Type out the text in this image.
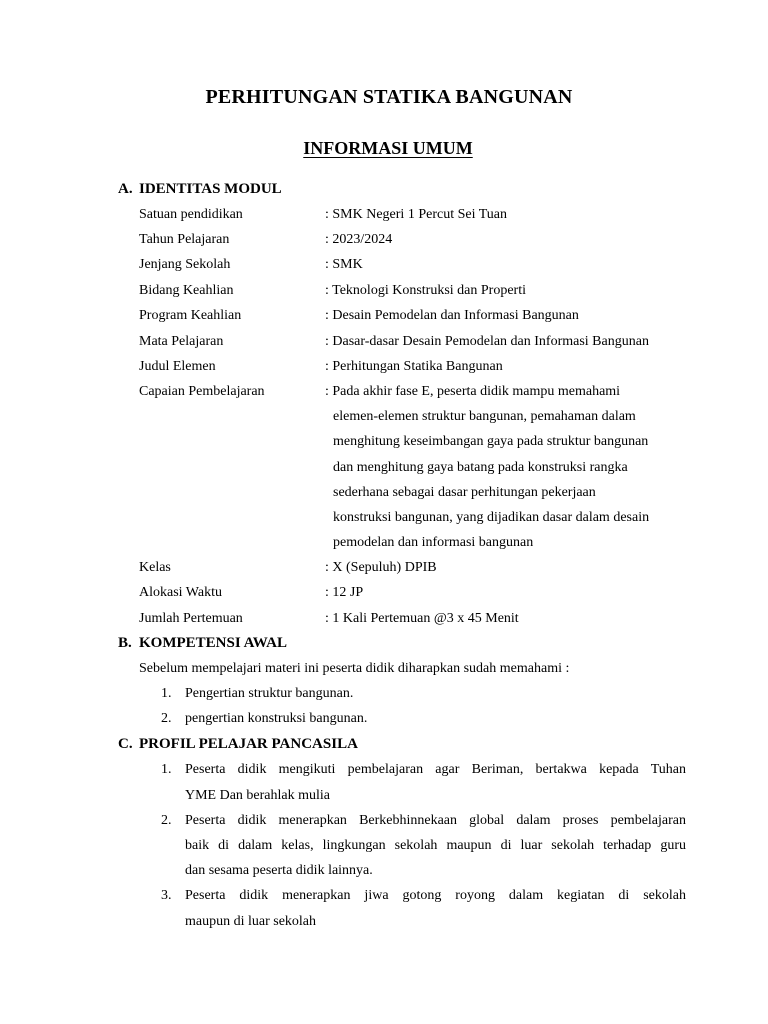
PERHITUNGAN STATIKA BANGUNAN
INFORMASI UMUM
A. IDENTITAS MODUL
Satuan pendidikan	: SMK Negeri 1 Percut Sei Tuan
Tahun Pelajaran	: 2023/2024
Jenjang Sekolah	: SMK
Bidang Keahlian	: Teknologi Konstruksi dan Properti
Program Keahlian	: Desain Pemodelan dan Informasi Bangunan
Mata Pelajaran	: Dasar-dasar Desain Pemodelan dan Informasi Bangunan
Judul Elemen	: Perhitungan Statika Bangunan
Capaian Pembelajaran	: Pada akhir fase E, peserta didik mampu memahami
elemen-elemen struktur bangunan, pemahaman dalam
menghitung keseimbangan gaya pada struktur bangunan
dan menghitung gaya batang pada konstruksi rangka
sederhana sebagai dasar perhitungan pekerjaan
konstruksi bangunan, yang dijadikan dasar dalam desain
pemodelan dan informasi bangunan
Kelas	: X (Sepuluh) DPIB
Alokasi Waktu	: 12 JP
Jumlah Pertemuan	: 1 Kali Pertemuan @3 x 45 Menit
B. KOMPETENSI AWAL
Sebelum mempelajari materi ini peserta didik diharapkan sudah memahami :
1. Pengertian struktur bangunan.
2. pengertian konstruksi bangunan.
C. PROFIL PELAJAR PANCASILA
1. Peserta didik mengikuti pembelajaran agar Beriman, bertakwa kepada Tuhan
YME Dan berahlak mulia
2. Peserta didik menerapkan Berkebhinnekaan global dalam proses pembelajaran
baik di dalam kelas, lingkungan sekolah maupun di luar sekolah terhadap guru
dan sesama peserta didik lainnya.
3. Peserta didik menerapkan jiwa gotong royong dalam kegiatan di sekolah
maupun di luar sekolah
